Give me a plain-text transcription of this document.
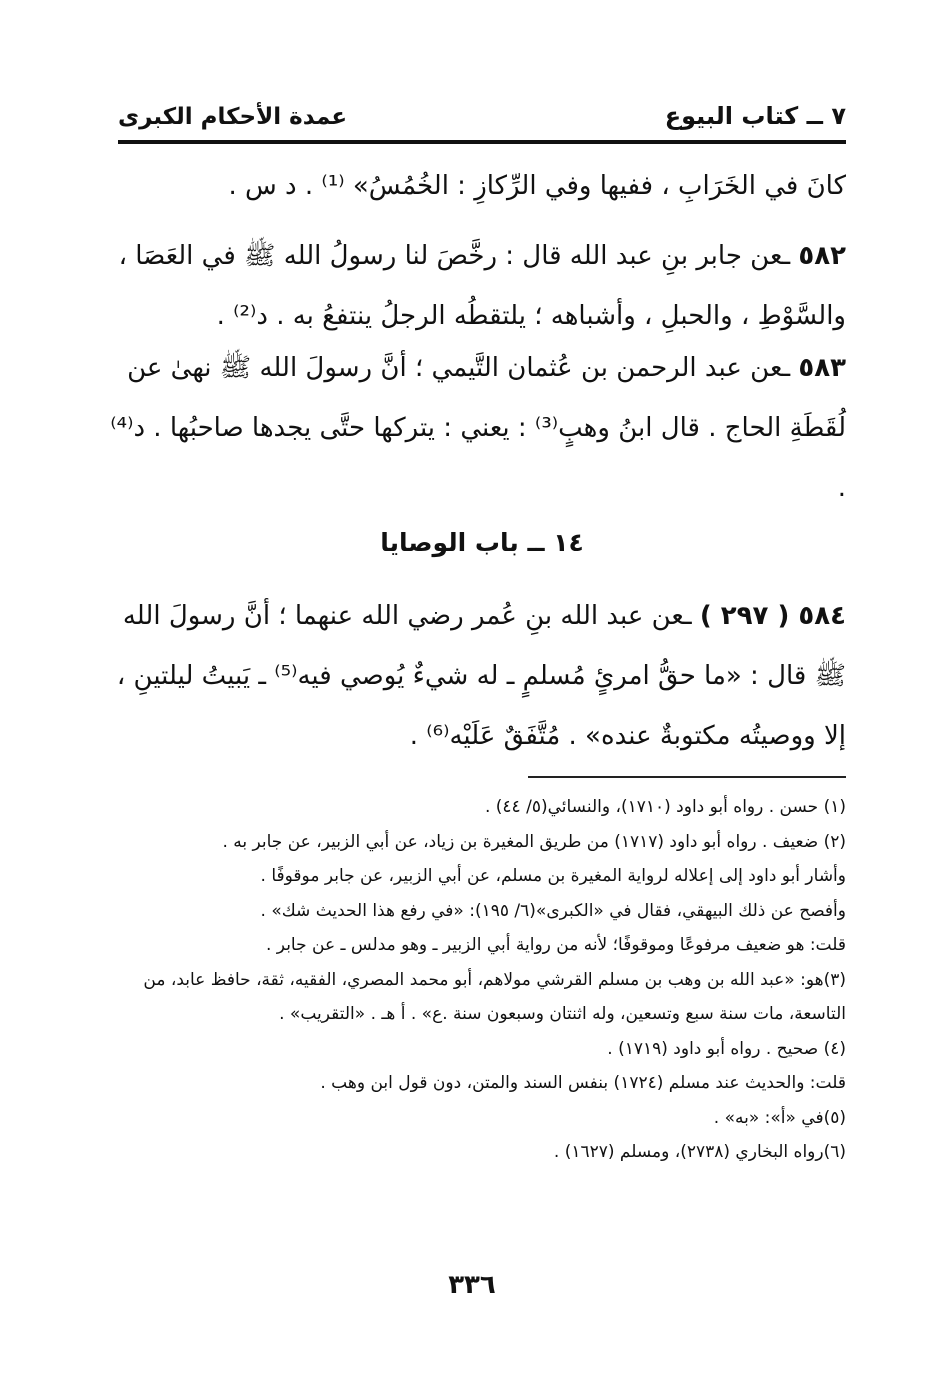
٧ ــ كتاب البيوع
عمدة الأحكام الكبرى
كانَ في الخَرَابِ ، ففيها وفي الرِّكازِ : الخُمُسُ» ⁽¹⁾ . د س .
٥٨٢ ـعن جابر بنِ عبد الله قال : رخَّصَ لنا رسولُ الله ﷺ في العَصَا ، والسَّوْطِ ، والحبلِ ، وأشباهه ؛ يلتقطُه الرجلُ ينتفعُ به . د⁽²⁾ .
٥٨٣ ـعن عبد الرحمن بن عُثمان التَّيمي ؛ أنَّ رسولَ الله ﷺ نهىٰ عن لُقَطَةِ الحاج . قال ابنُ وهبٍ⁽³⁾ : يعني : يتركها حتَّى يجدها صاحبُها . د⁽⁴⁾ .
١٤ ــ باب الوصايا
٥٨٤ ( ٢٩٧ ) ـعن عبد الله بنِ عُمر رضي الله عنهما ؛ أنَّ رسولَ الله ﷺ قال : «ما حقُّ امرئٍ مُسلمٍ ـ له شيءٌ يُوصي فيه⁽⁵⁾ ـ يَبيتُ ليلتينِ ، إلا ووصيتُه مكتوبةٌ عنده» . مُتَّفَقٌ عَلَيْه⁽⁶⁾ .

(١) حسن . رواه أبو داود (١٧١٠)، والنسائي(٥/ ٤٤) .

(٢) ضعيف . رواه أبو داود (١٧١٧) من طريق المغيرة بن زياد، عن أبي الزبير، عن جابر به .

وأشار أبو داود إلى إعلاله لرواية المغيرة بن مسلم، عن أبي الزبير، عن جابر موقوفًا .

وأفصح عن ذلك البيهقي، فقال في «الكبرى»(٦/ ١٩٥): «في رفع هذا الحديث شك» .

قلت: هو ضعيف مرفوعًا وموقوفًا؛ لأنه من رواية أبي الزبير ـ وهو مدلس ـ عن جابر .

(٣)هو: «عبد الله بن وهب بن مسلم القرشي مولاهم، أبو محمد المصري، الفقيه، ثقة، حافظ عابد، من التاسعة، مات سنة سبع وتسعين، وله اثنتان وسبعون سنة .ع» . أ هـ . «التقريب» .

(٤) صحيح . رواه أبو داود (١٧١٩) .

قلت: والحديث عند مسلم (١٧٢٤) بنفس السند والمتن، دون قول ابن وهب .

(٥)في «أ»: «به» .

(٦)رواه البخاري (٢٧٣٨)، ومسلم (١٦٢٧) .

٣٣٦
